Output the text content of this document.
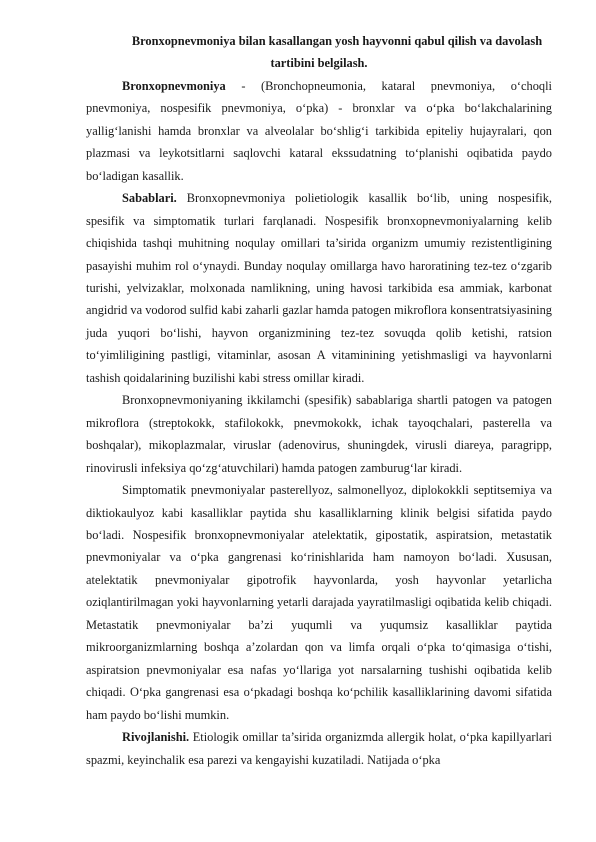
Bronxopnevmoniya bilan kasallangan yosh hayvonni qabul qilish va davolash
tartibini belgilash.

Bronxopnevmoniya - (Bronchopneumonia, kataral pnevmoniya, o‘choqli pnevmoniya, nospesifik pnevmoniya, o‘pka) - bronxlar va o‘pka bo‘lakchalarining yallig‘lanishi hamda bronxlar va alveolalar bo‘shlig‘i tarkibida epiteliy hujayralari, qon plazmasi va leykotsitlarni saqlovchi kataral ekssudatning to‘planishi oqibatida paydo bo‘ladigan kasallik.

Sabablari. Bronxopnevmoniya polietiologik kasallik bo‘lib, uning nospesifik, spesifik va simptomatik turlari farqlanadi. Nospesifik bronxopnevmoniyalarning kelib chiqishida tashqi muhitning noqulay omillari ta’sirida organizm umumiy rezistentligining pasayishi muhim rol o‘ynaydi. Bunday noqulay omillarga havo haroratining tez-tez o‘zgarib turishi, yelvizaklar, molxonada namlikning, uning havosi tarkibida esa ammiak, karbonat angidrid va vodorod sulfid kabi zaharli gazlar hamda patogen mikroflora konsentratsiyasining juda yuqori bo‘lishi, hayvon organizmining tez-tez sovuqda qolib ketishi, ratsion to‘yimliligining pastligi, vitaminlar, asosan A vitaminining yetishmasligi va hayvonlarni tashish qoidalarining buzilishi kabi stress omillar kiradi.

Bronxopnevmoniyaning ikkilamchi (spesifik) sabablariga shartli patogen va patogen mikroflora (streptokokk, stafilokokk, pnevmokokk, ichak tayoqchalari, pasterella va boshqalar), mikoplazmalar, viruslar (adenovirus, shuningdek, virusli diareya, paragripp, rinovirusli infeksiya qo‘zg‘atuvchilari) hamda patogen zamburug‘lar kiradi.

Simptomatik pnevmoniyalar pasterellyoz, salmonellyoz, diplokokkli septitsemiya va diktiokaulyoz kabi kasalliklar paytida shu kasalliklarning klinik belgisi sifatida paydo bo‘ladi. Nospesifik bronxopnevmoniyalar atelektatik, gipostatik, aspiratsion, metastatik pnevmoniyalar va o‘pka gangrenasi ko‘rinishlarida ham namoyon bo‘ladi. Xususan, atelektatik pnevmoniyalar gipotrofik hayvonlarda, yosh hayvonlar yetarlicha oziqlantirilmagan yoki hayvonlarning yetarli darajada yayratilmasligi oqibatida kelib chiqadi. Metastatik pnevmoniyalar ba’zi yuqumli va yuqumsiz kasalliklar paytida mikroorganizmlarning boshqa a’zolardan qon va limfa orqali o‘pka to‘qimasiga o‘tishi, aspiratsion pnevmoniyalar esa nafas yo‘llariga yot narsalarning tushishi oqibatida kelib chiqadi. O‘pka gangrenasi esa o‘pkadagi boshqa ko‘pchilik kasalliklarining davomi sifatida ham paydo bo‘lishi mumkin.

Rivojlanishi. Etiologik omillar ta’sirida organizmda allergik holat, o‘pka kapillyarlari spazmi, keyinchalik esa parezi va kengayishi kuzatiladi. Natijada o‘pka
